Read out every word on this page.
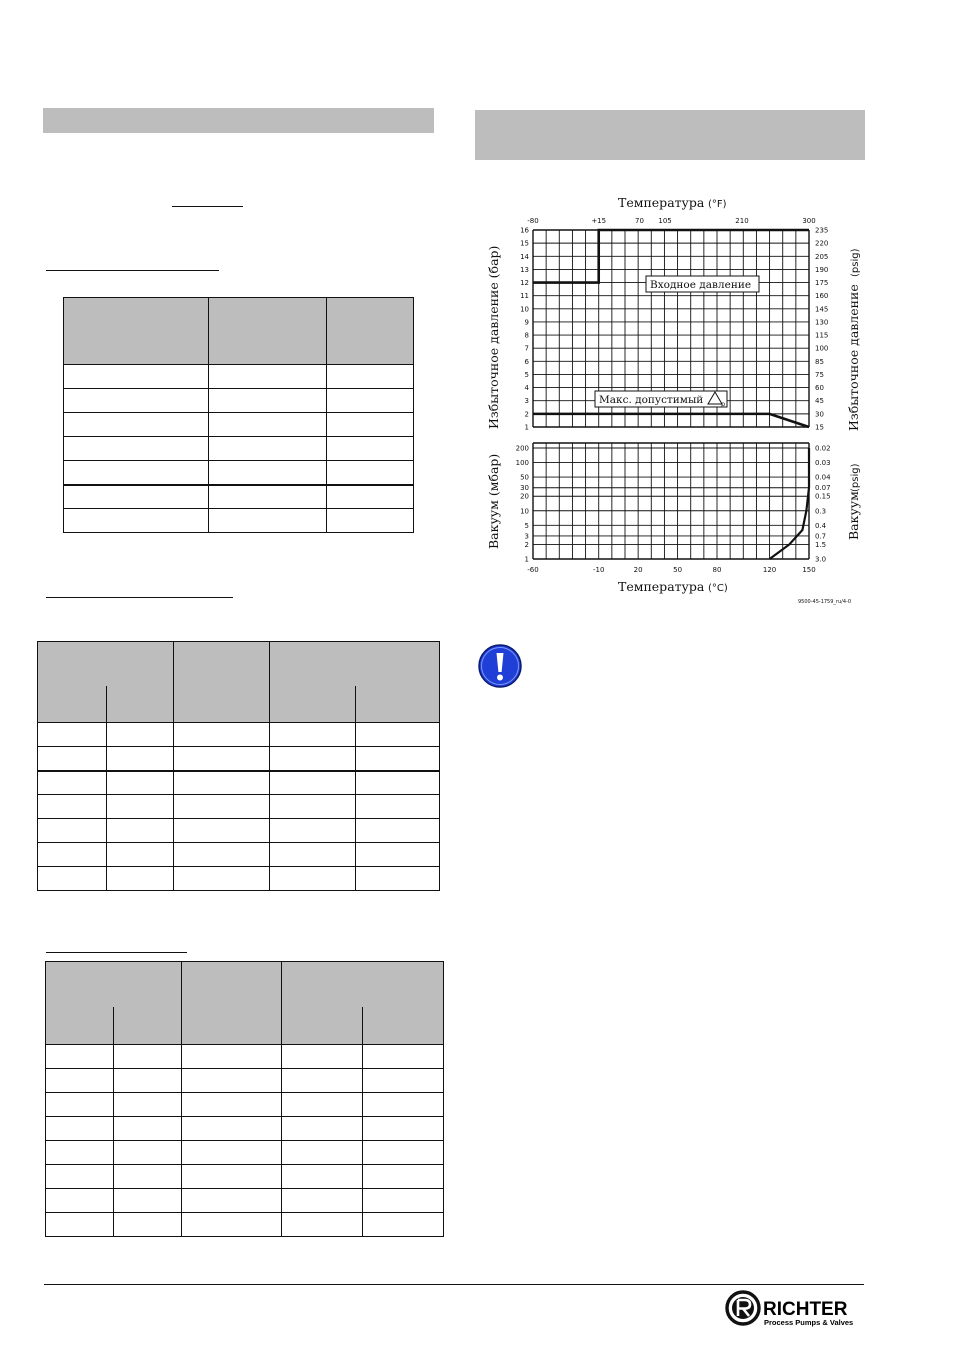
Температура (°F)
Избыточное давление (бар)
Вакуум (мбар)
Избыточное давление
(psig)
Вакуум
(psig)
Температура (°C)
9500-45-1759_ru/4-0
1	15
2	30
3	45
4	60
5	75
6	85
7	100
8	115
9	130
10	145
11	160
12	175
13	190
14	205
15	220
16	235
-80	+15	70 105	210	300
1	3.0
2	1.5
3	0.7
5	0.4
10	0.3
20	0.15
30	0.07
50	0.04
100	0.03
200	0.02
-60	-10	20	50	80	120	150
Входное давление
Макс. допустимый	p
RICHTER
Process Pumps & Valves
